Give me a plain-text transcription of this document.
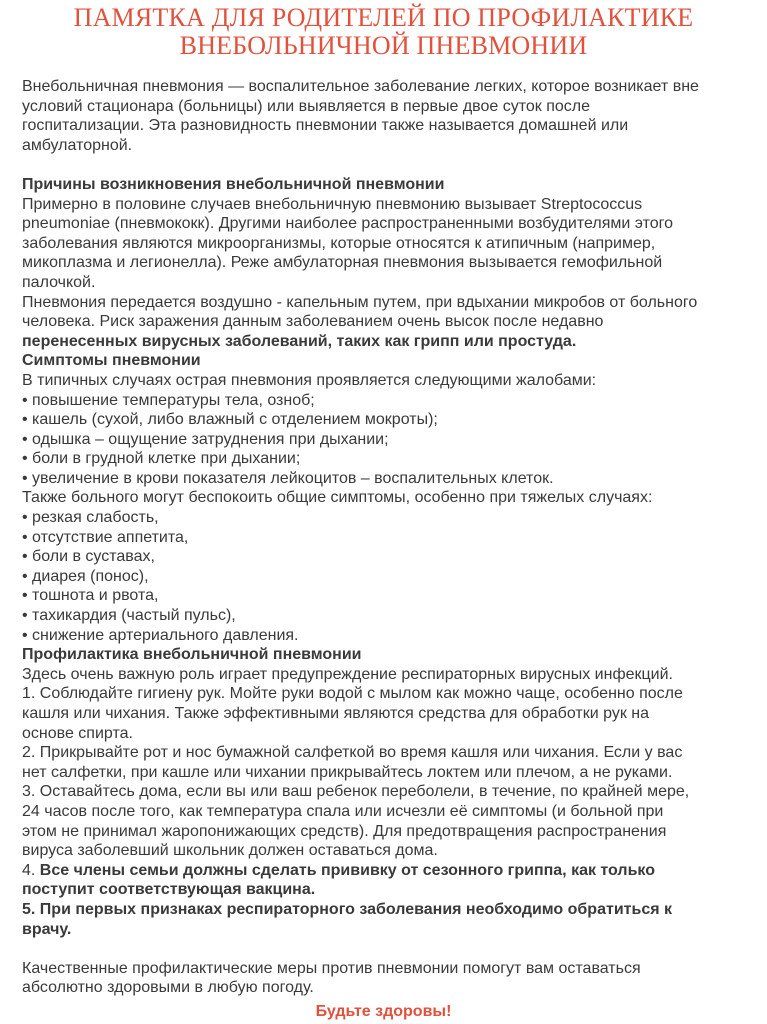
ПАМЯТКА ДЛЯ РОДИТЕЛЕЙ ПО ПРОФИЛАКТИКЕ
ВНЕБОЛЬНИЧНОЙ ПНЕВМОНИИ

Внебольничная пневмония — воспалительное заболевание легких, которое возникает вне

условий стационара (больницы) или выявляется в первые двое суток после

госпитализации. Эта разновидность пневмонии также называется домашней или

амбулаторной.

Причины возникновения внебольничной пневмонии

Примерно в половине случаев внебольничную пневмонию вызывает Streptococcus

pneumoniae (пневмококк). Другими наиболее распространенными возбудителями этого

заболевания являются микроорганизмы, которые относятся к атипичным (например,

микоплазма и легионелла). Реже амбулаторная пневмония вызывается гемофильной

палочкой.

Пневмония передается воздушно - капельным путем, при вдыхании микробов от больного

человека. Риск заражения данным заболеванием очень высок после недавно

перенесенных вирусных заболеваний, таких как грипп или простуда.

Симптомы пневмонии

В типичных случаях острая пневмония проявляется следующими жалобами:

• повышение температуры тела, озноб;

• кашель (сухой, либо влажный с отделением мокроты);

• одышка – ощущение затруднения при дыхании;

• боли в грудной клетке при дыхании;

• увеличение в крови показателя лейкоцитов – воспалительных клеток.

Также больного могут беспокоить общие симптомы, особенно при тяжелых случаях:

• резкая слабость,

• отсутствие аппетита,

• боли в суставах,

• диарея (понос),

• тошнота и рвота,

• тахикардия (частый пульс),

• снижение артериального давления.

Профилактика внебольничной пневмонии

Здесь очень важную роль играет предупреждение респираторных вирусных инфекций.

1. Соблюдайте гигиену рук. Мойте руки водой с мылом как можно чаще, особенно после

кашля или чихания. Также эффективными являются средства для обработки рук на

основе спирта.

2. Прикрывайте рот и нос бумажной салфеткой во время кашля или чихания. Если у вас

нет салфетки, при кашле или чихании прикрывайтесь локтем или плечом, а не руками.

3. Оставайтесь дома, если вы или ваш ребенок переболели, в течение, по крайней мере,

24 часов после того, как температура спала или исчезли её симптомы (и больной при

этом не принимал жаропонижающих средств). Для предотвращения распространения

вируса заболевший школьник должен оставаться дома.

4. Все члены семьи должны сделать прививку от сезонного гриппа, как только

поступит соответствующая вакцина.

5. При первых признаках респираторного заболевания необходимо обратиться к

врачу.

Качественные профилактические меры против пневмонии помогут вам оставаться

абсолютно здоровыми в любую погоду.

Будьте здоровы!
